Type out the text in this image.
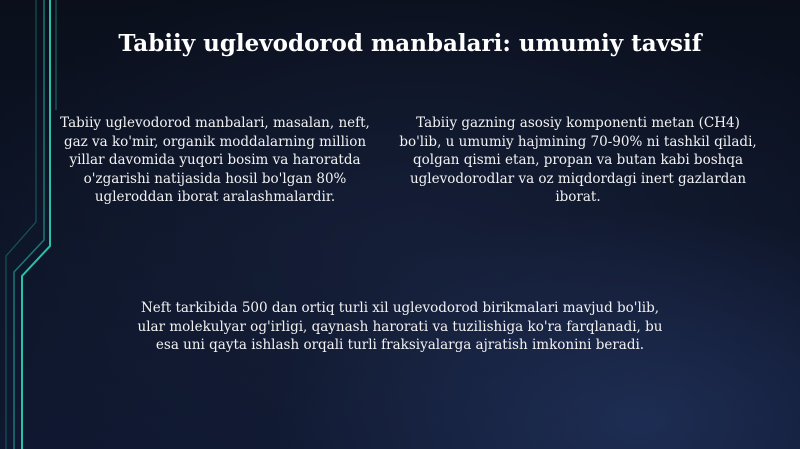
Tabiiy uglevodorod manbalari: umumiy tavsif

Tabiiy uglevodorod manbalari, masalan, neft, gaz va ko'mir, organik moddalarning million yillar davomida yuqori bosim va haroratda o'zgarishi natijasida hosil bo'lgan 80% ugleroddan iborat aralashmalardir.

Tabiiy gazning asosiy komponenti metan (CH4) bo'lib, u umumiy hajmining 70-90% ni tashkil qiladi, qolgan qismi etan, propan va butan kabi boshqa uglevodorodlar va oz miqdordagi inert gazlardan iborat.

Neft tarkibida 500 dan ortiq turli xil uglevodorod birikmalari mavjud bo'lib, ular molekulyar og'irligi, qaynash harorati va tuzilishiga ko'ra farqlanadi, bu esa uni qayta ishlash orqali turli fraksiyalarga ajratish imkonini beradi.
